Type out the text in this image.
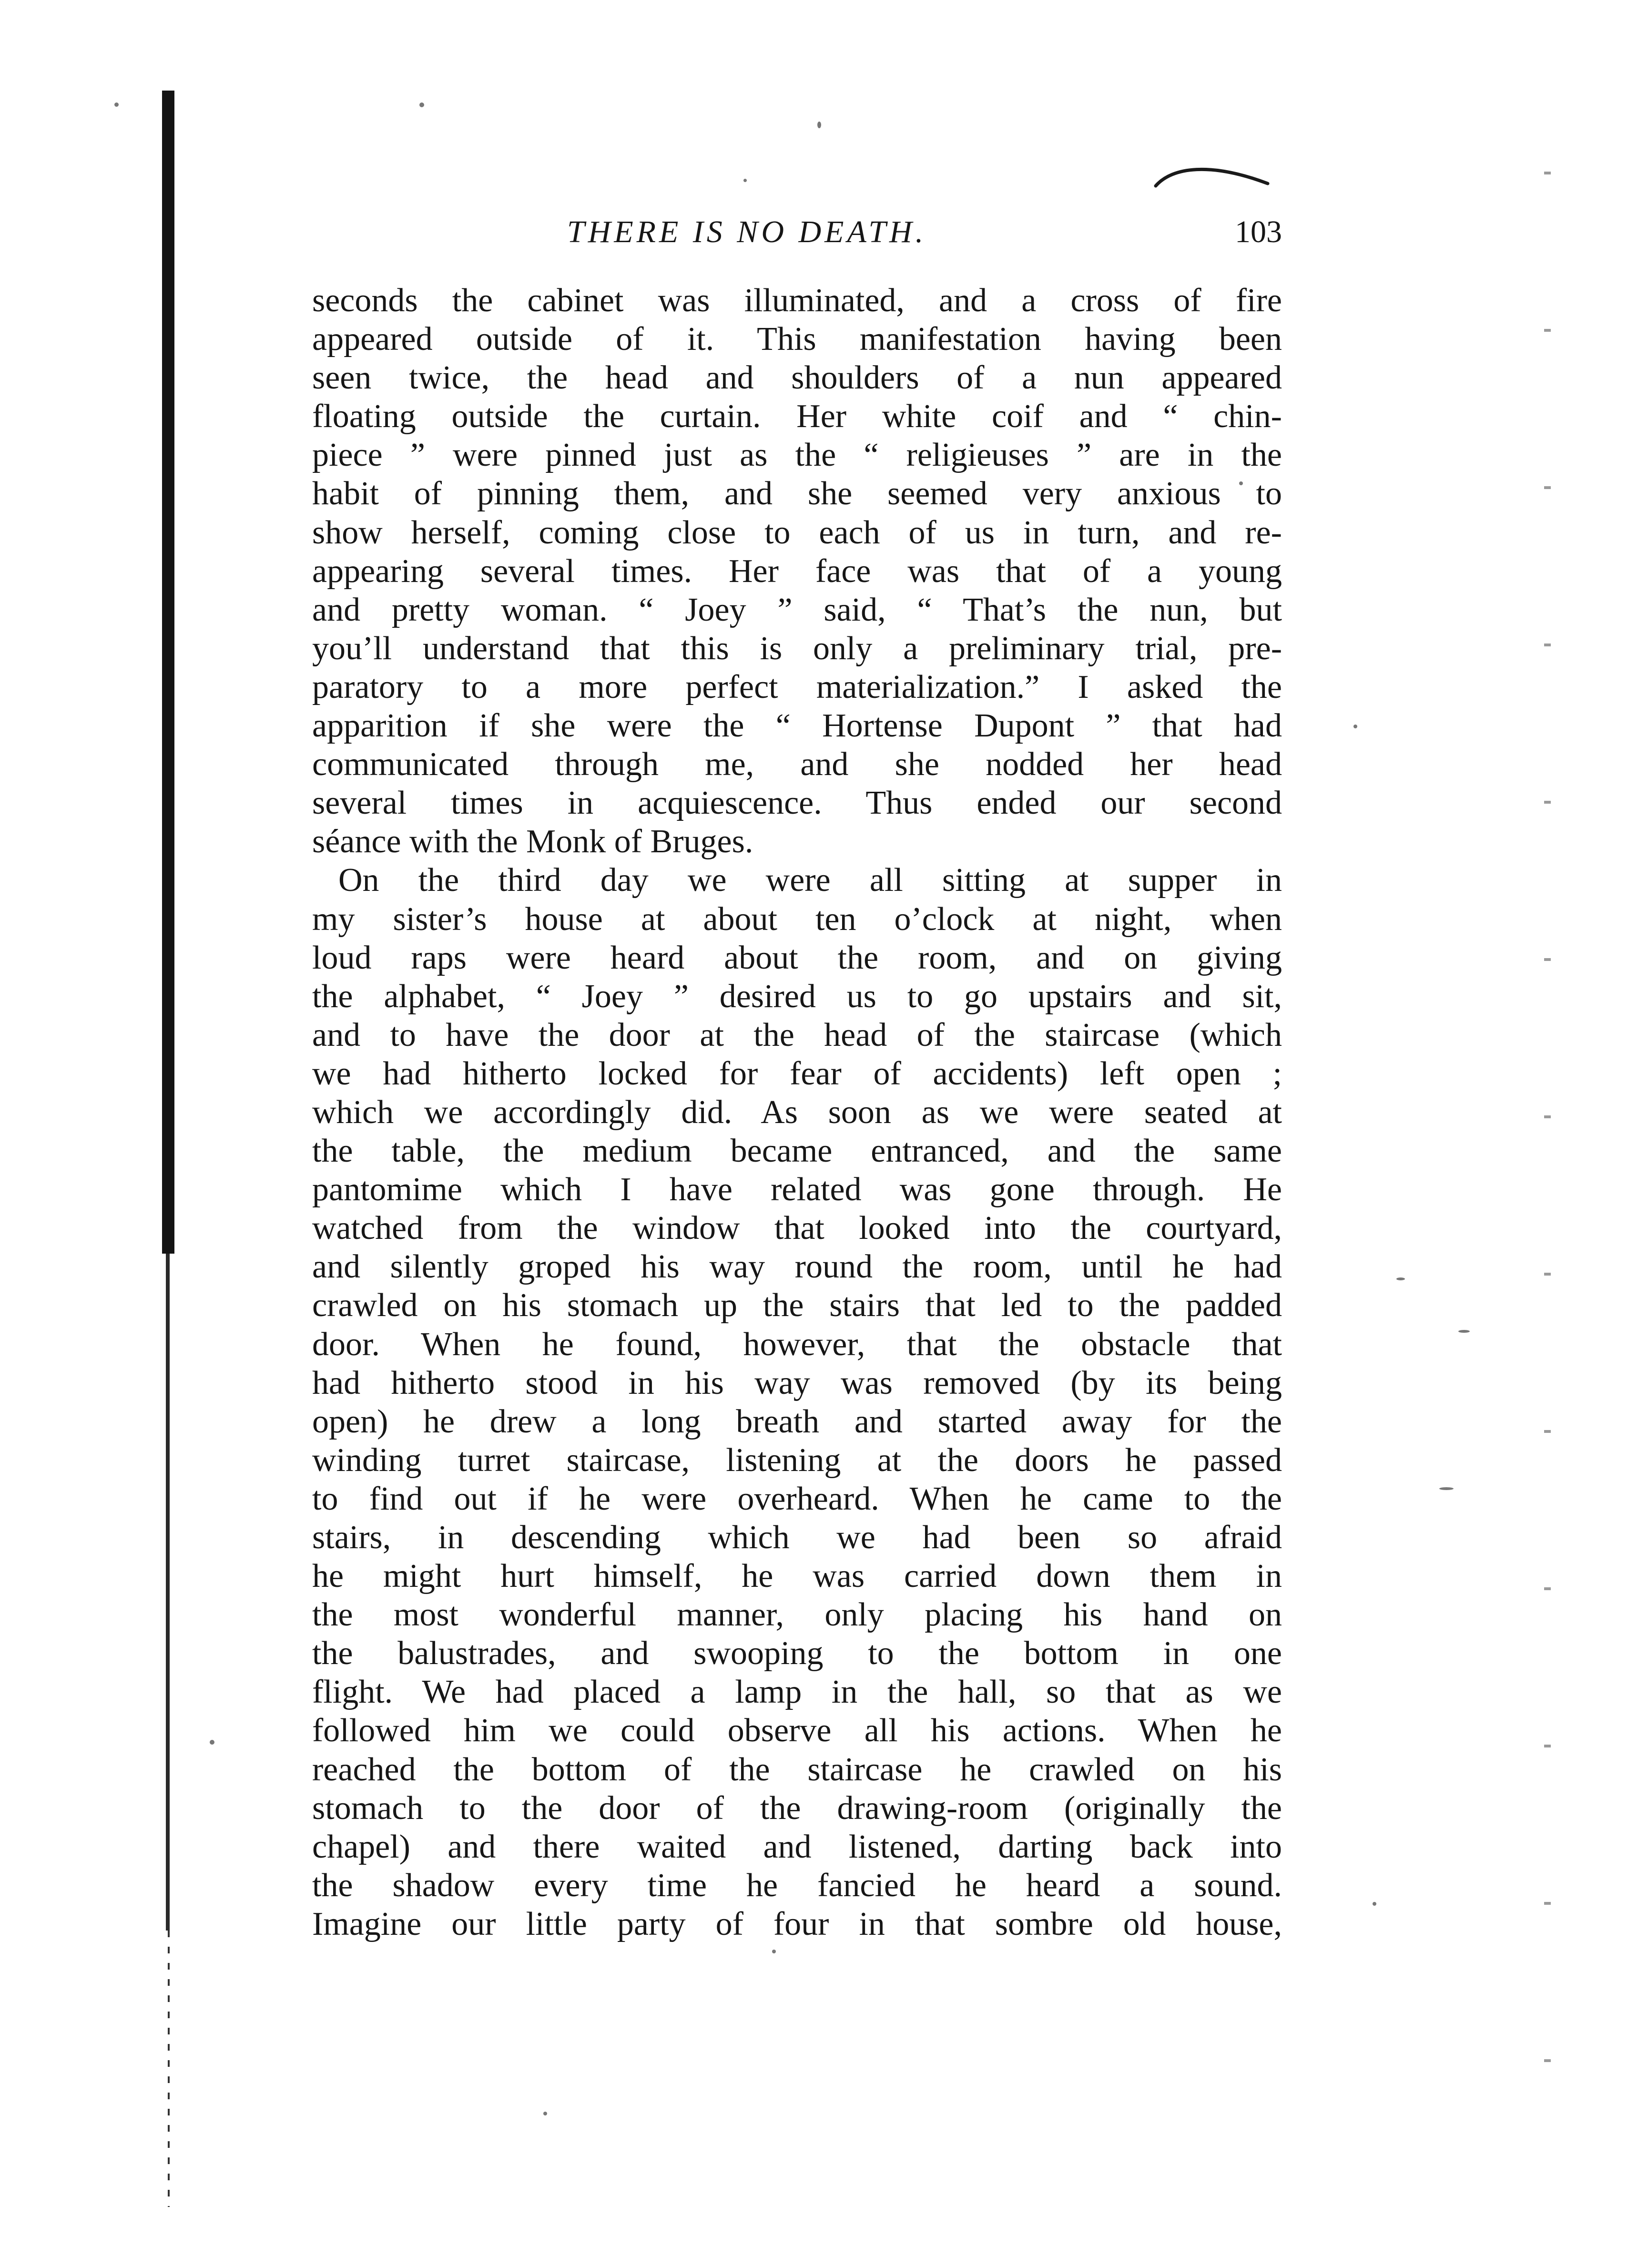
THERE IS NO DEATH.	103
seconds the cabinet was illuminated, and a cross of fire
appeared outside of it. This manifestation having been
seen twice, the head and shoulders of a nun appeared
floating outside the curtain. Her white coif and “ chin-
piece ” were pinned just as the “ religieuses ” are in the
habit of pinning them, and she seemed very anxious to
show herself, coming close to each of us in turn, and re-
appearing several times. Her face was that of a young
and pretty woman. “ Joey ” said, “ That’s the nun, but
you’ll understand that this is only a preliminary trial, pre-
paratory to a more perfect materialization.” I asked the
apparition if she were the “ Hortense Dupont ” that had
communicated through me, and she nodded her head
several times in acquiescence. Thus ended our second
séance with the Monk of Bruges.
On the third day we were all sitting at supper in
my sister’s house at about ten o’clock at night, when
loud raps were heard about the room, and on giving
the alphabet, “ Joey ” desired us to go upstairs and sit,
and to have the door at the head of the staircase (which
we had hitherto locked for fear of accidents) left open ;
which we accordingly did. As soon as we were seated at
the table, the medium became entranced, and the same
pantomime which I have related was gone through. He
watched from the window that looked into the courtyard,
and silently groped his way round the room, until he had
crawled on his stomach up the stairs that led to the padded
door. When he found, however, that the obstacle that
had hitherto stood in his way was removed (by its being
open) he drew a long breath and started away for the
winding turret staircase, listening at the doors he passed
to find out if he were overheard. When he came to the
stairs, in descending which we had been so afraid
he might hurt himself, he was carried down them in
the most wonderful manner, only placing his hand on
the balustrades, and swooping to the bottom in one
flight. We had placed a lamp in the hall, so that as we
followed him we could observe all his actions. When he
reached the bottom of the staircase he crawled on his
stomach to the door of the drawing-room (originally the
chapel) and there waited and listened, darting back into
the shadow every time he fancied he heard a sound.
Imagine our little party of four in that sombre old house,
